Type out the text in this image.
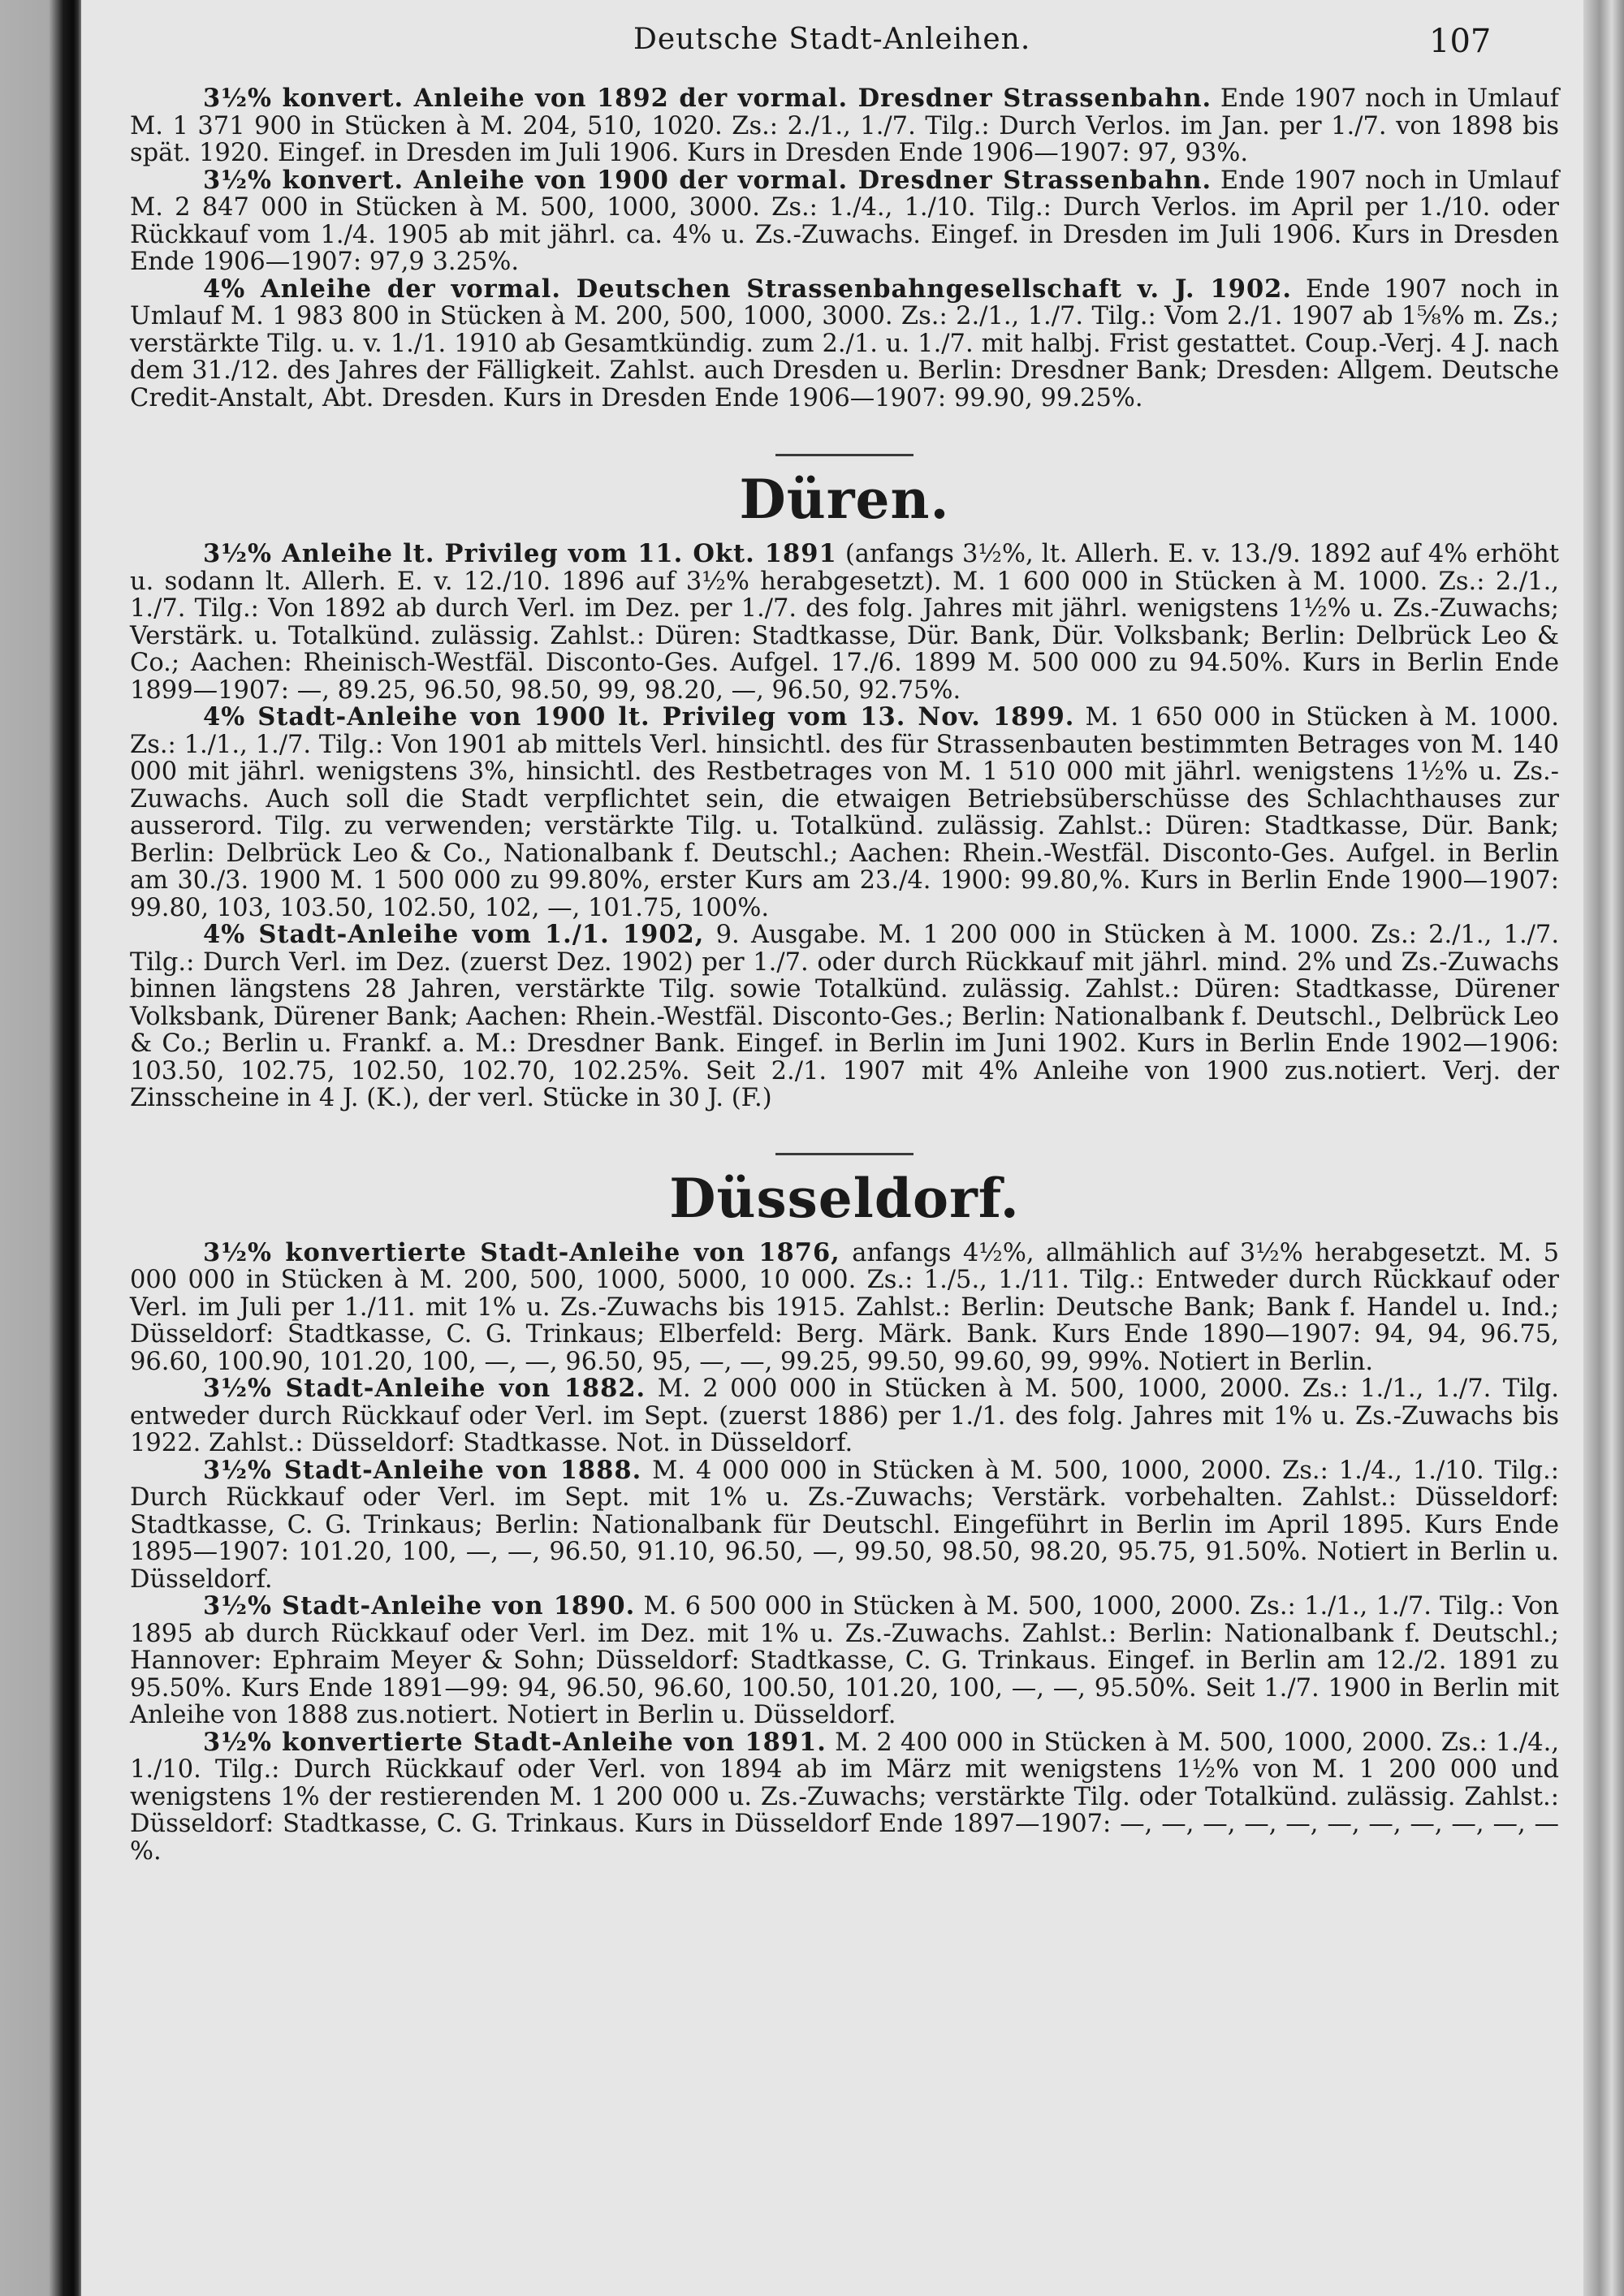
Deutsche Stadt-Anleihen.	107

3½% konvert. Anleihe von 1892 der vormal. Dresdner Strassenbahn. Ende 1907 noch in Umlauf M. 1 371 900 in Stücken à M. 204, 510, 1020. Zs.: 2./1., 1./7. Tilg.: Durch Verlos. im Jan. per 1./7. von 1898 bis spät. 1920. Eingef. in Dresden im Juli 1906. Kurs in Dresden Ende 1906—1907: 97, 93%.

3½% konvert. Anleihe von 1900 der vormal. Dresdner Strassenbahn. Ende 1907 noch in Umlauf M. 2 847 000 in Stücken à M. 500, 1000, 3000. Zs.: 1./4., 1./10. Tilg.: Durch Verlos. im April per 1./10. oder Rückkauf vom 1./4. 1905 ab mit jährl. ca. 4% u. Zs.-Zuwachs. Eingef. in Dresden im Juli 1906. Kurs in Dresden Ende 1906—1907: 97,9 3.25%.

4% Anleihe der vormal. Deutschen Strassenbahngesellschaft v. J. 1902. Ende 1907 noch in Umlauf M. 1 983 800 in Stücken à M. 200, 500, 1000, 3000. Zs.: 2./1., 1./7. Tilg.: Vom 2./1. 1907 ab 1⅝% m. Zs.; verstärkte Tilg. u. v. 1./1. 1910 ab Gesamtkündig. zum 2./1. u. 1./7. mit halbj. Frist gestattet. Coup.-Verj. 4 J. nach dem 31./12. des Jahres der Fälligkeit. Zahlst. auch Dresden u. Berlin: Dresdner Bank; Dresden: Allgem. Deutsche Credit-Anstalt, Abt. Dresden. Kurs in Dresden Ende 1906—1907: 99.90, 99.25%.

Düren.

3½% Anleihe lt. Privileg vom 11. Okt. 1891 (anfangs 3½%, lt. Allerh. E. v. 13./9. 1892 auf 4% erhöht u. sodann lt. Allerh. E. v. 12./10. 1896 auf 3½% herabgesetzt). M. 1 600 000 in Stücken à M. 1000. Zs.: 2./1., 1./7. Tilg.: Von 1892 ab durch Verl. im Dez. per 1./7. des folg. Jahres mit jährl. wenigstens 1½% u. Zs.-Zuwachs; Verstärk. u. Totalkünd. zulässig. Zahlst.: Düren: Stadtkasse, Dür. Bank, Dür. Volksbank; Berlin: Delbrück Leo & Co.; Aachen: Rheinisch-Westfäl. Disconto-Ges. Aufgel. 17./6. 1899 M. 500 000 zu 94.50%. Kurs in Berlin Ende 1899—1907: —, 89.25, 96.50, 98.50, 99, 98.20, —, 96.50, 92.75%.

4% Stadt-Anleihe von 1900 lt. Privileg vom 13. Nov. 1899. M. 1 650 000 in Stücken à M. 1000. Zs.: 1./1., 1./7. Tilg.: Von 1901 ab mittels Verl. hinsichtl. des für Strassenbauten bestimmten Betrages von M. 140 000 mit jährl. wenigstens 3%, hinsichtl. des Restbetrages von M. 1 510 000 mit jährl. wenigstens 1½% u. Zs.-Zuwachs. Auch soll die Stadt verpflichtet sein, die etwaigen Betriebsüberschüsse des Schlachthauses zur ausserord. Tilg. zu verwenden; verstärkte Tilg. u. Totalkünd. zulässig. Zahlst.: Düren: Stadtkasse, Dür. Bank; Berlin: Delbrück Leo & Co., Nationalbank f. Deutschl.; Aachen: Rhein.-Westfäl. Disconto-Ges. Aufgel. in Berlin am 30./3. 1900 M. 1 500 000 zu 99.80%, erster Kurs am 23./4. 1900: 99.80,%. Kurs in Berlin Ende 1900—1907: 99.80, 103, 103.50, 102.50, 102, —, 101.75, 100%.

4% Stadt-Anleihe vom 1./1. 1902, 9. Ausgabe. M. 1 200 000 in Stücken à M. 1000. Zs.: 2./1., 1./7. Tilg.: Durch Verl. im Dez. (zuerst Dez. 1902) per 1./7. oder durch Rückkauf mit jährl. mind. 2% und Zs.-Zuwachs binnen längstens 28 Jahren, verstärkte Tilg. sowie Totalkünd. zulässig. Zahlst.: Düren: Stadtkasse, Dürener Volksbank, Dürener Bank; Aachen: Rhein.-Westfäl. Disconto-Ges.; Berlin: Nationalbank f. Deutschl., Delbrück Leo & Co.; Berlin u. Frankf. a. M.: Dresdner Bank. Eingef. in Berlin im Juni 1902. Kurs in Berlin Ende 1902—1906: 103.50, 102.75, 102.50, 102.70, 102.25%. Seit 2./1. 1907 mit 4% Anleihe von 1900 zus.notiert. Verj. der Zinsscheine in 4 J. (K.), der verl. Stücke in 30 J. (F.)

Düsseldorf.

3½% konvertierte Stadt-Anleihe von 1876, anfangs 4½%, allmählich auf 3½% herabgesetzt. M. 5 000 000 in Stücken à M. 200, 500, 1000, 5000, 10 000. Zs.: 1./5., 1./11. Tilg.: Entweder durch Rückkauf oder Verl. im Juli per 1./11. mit 1% u. Zs.-Zuwachs bis 1915. Zahlst.: Berlin: Deutsche Bank; Bank f. Handel u. Ind.; Düsseldorf: Stadtkasse, C. G. Trinkaus; Elberfeld: Berg. Märk. Bank. Kurs Ende 1890—1907: 94, 94, 96.75, 96.60, 100.90, 101.20, 100, —, —, 96.50, 95, —, —, 99.25, 99.50, 99.60, 99, 99%. Notiert in Berlin.

3½% Stadt-Anleihe von 1882. M. 2 000 000 in Stücken à M. 500, 1000, 2000. Zs.: 1./1., 1./7. Tilg. entweder durch Rückkauf oder Verl. im Sept. (zuerst 1886) per 1./1. des folg. Jahres mit 1% u. Zs.-Zuwachs bis 1922. Zahlst.: Düsseldorf: Stadtkasse. Not. in Düsseldorf.

3½% Stadt-Anleihe von 1888. M. 4 000 000 in Stücken à M. 500, 1000, 2000. Zs.: 1./4., 1./10. Tilg.: Durch Rückkauf oder Verl. im Sept. mit 1% u. Zs.-Zuwachs; Verstärk. vorbehalten. Zahlst.: Düsseldorf: Stadtkasse, C. G. Trinkaus; Berlin: Nationalbank für Deutschl. Eingeführt in Berlin im April 1895. Kurs Ende 1895—1907: 101.20, 100, —, —, 96.50, 91.10, 96.50, —, 99.50, 98.50, 98.20, 95.75, 91.50%. Notiert in Berlin u. Düsseldorf.

3½% Stadt-Anleihe von 1890. M. 6 500 000 in Stücken à M. 500, 1000, 2000. Zs.: 1./1., 1./7. Tilg.: Von 1895 ab durch Rückkauf oder Verl. im Dez. mit 1% u. Zs.-Zuwachs. Zahlst.: Berlin: Nationalbank f. Deutschl.; Hannover: Ephraim Meyer & Sohn; Düsseldorf: Stadtkasse, C. G. Trinkaus. Eingef. in Berlin am 12./2. 1891 zu 95.50%. Kurs Ende 1891—99: 94, 96.50, 96.60, 100.50, 101.20, 100, —, —, 95.50%. Seit 1./7. 1900 in Berlin mit Anleihe von 1888 zus.notiert. Notiert in Berlin u. Düsseldorf.

3½% konvertierte Stadt-Anleihe von 1891. M. 2 400 000 in Stücken à M. 500, 1000, 2000. Zs.: 1./4., 1./10. Tilg.: Durch Rückkauf oder Verl. von 1894 ab im März mit wenigstens 1½% von M. 1 200 000 und wenigstens 1% der restierenden M. 1 200 000 u. Zs.-Zuwachs; verstärkte Tilg. oder Totalkünd. zulässig. Zahlst.: Düsseldorf: Stadtkasse, C. G. Trinkaus. Kurs in Düsseldorf Ende 1897—1907: —, —, —, —, —, —, —, —, —, —, —%.
